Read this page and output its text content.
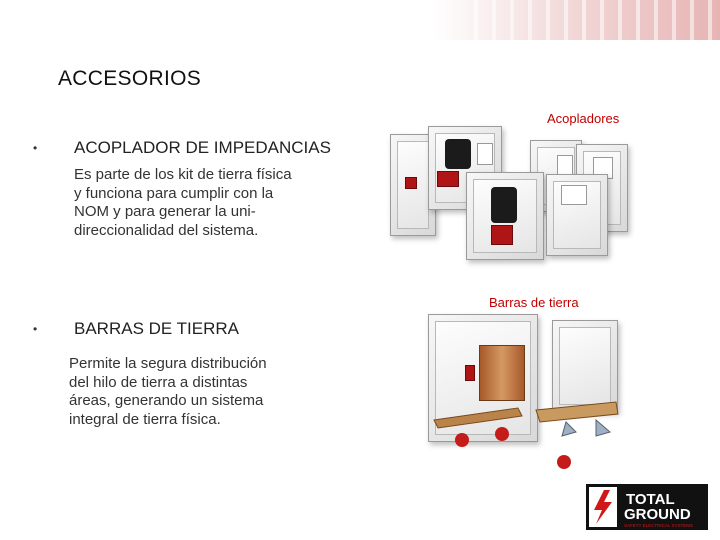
ACCESORIOS
Acopladores
• ACOPLADOR DE IMPEDANCIAS
Es parte de los kit de tierra física
y funciona para cumplir con la
NOM y para generar la uni-
direccionalidad del sistema.
Barras de tierra
• BARRAS DE TIERRA
Permite la segura distribución
del hilo de tierra a distintas
áreas, generando un sistema
integral de tierra física.
TOTAL
GROUND
SAFETY ELECTRICAL SYSTEMS
